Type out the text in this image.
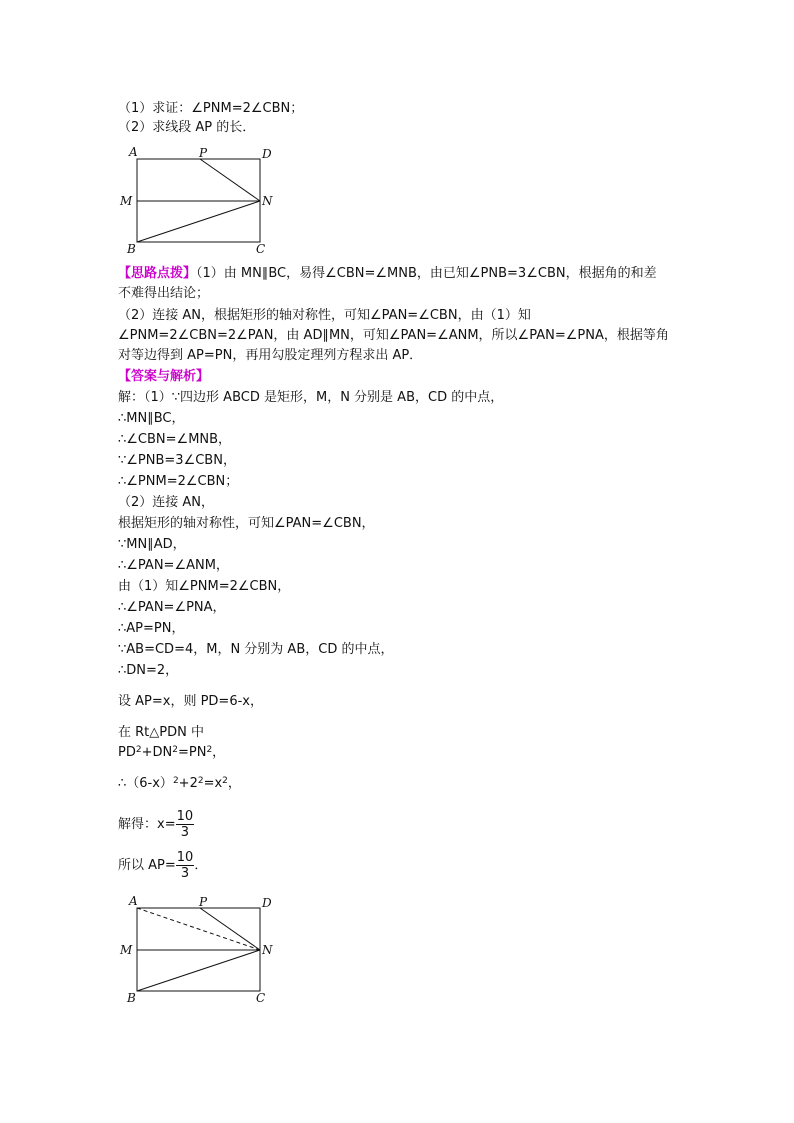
（1）求证：∠PNM=2∠CBN；
（2）求线段 AP 的长．
A	P	D
M	N
B	C
【思路点拨】（1）由 MN∥BC，易得∠CBN=∠MNB，由已知∠PNB=3∠CBN，根据角的和差
不难得出结论；
（2）连接 AN，根据矩形的轴对称性，可知∠PAN=∠CBN，由（1）知
∠PNM=2∠CBN=2∠PAN，由 AD∥MN，可知∠PAN=∠ANM，所以∠PAN=∠PNA，根据等角
对等边得到 AP=PN，再用勾股定理列方程求出 AP．
【答案与解析】
解：（1）∵四边形 ABCD 是矩形，M，N 分别是 AB，CD 的中点，
∴MN∥BC，
∴∠CBN=∠MNB，
∵∠PNB=3∠CBN，
∴∠PNM=2∠CBN；
（2）连接 AN，
根据矩形的轴对称性，可知∠PAN=∠CBN，
∵MN∥AD，
∴∠PAN=∠ANM，
由（1）知∠PNM=2∠CBN，
∴∠PAN=∠PNA，
∴AP=PN，
∵AB=CD=4，M，N 分别为 AB，CD 的中点，
∴DN=2，
设 AP=x，则 PD=6-x，
在 Rt△PDN 中
$PD^2+DN^2=PN^2$，
$\therefore(6-x)^2+2^2=x^2$，
解得：$x= \frac{10}{3}$
所以 $AP= \frac{10}{3}$ ．
A	P	D
M	N
B	C
